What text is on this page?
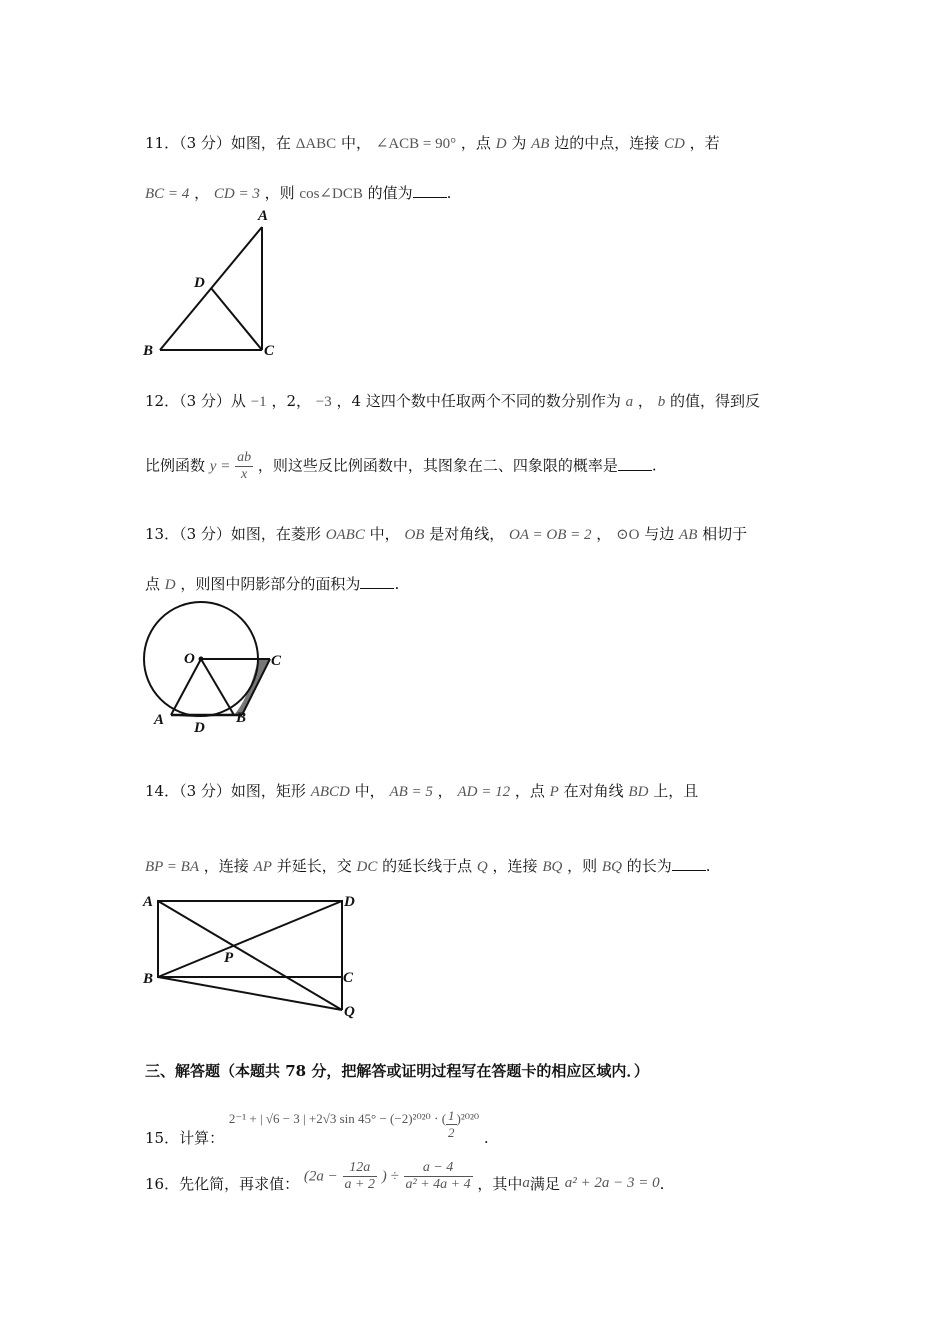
11．（3 分）如图，在 ΔABC 中， ∠ACB = 90° ，点 D 为 AB 边的中点，连接 CD ，若
BC = 4 ， CD = 3 ，则 cos∠DCB 的值为 .
A
B	C
D
12．（3 分）从 −1 ，2， −3 ，4 这四个数中任取两个不同的数分别作为 a ， b 的值，得到反
比例函数 $y = \frac{ab}{x}$ ，则这些反比例函数中，其图象在二、四象限的概率是 .
13．（3 分）如图，在菱形 OABC 中， OB 是对角线， OA = OB = 2 ， ⊙O 与边 AB 相切于
点 D ，则图中阴影部分的面积为 .
O
A D
B
C
14．（3 分）如图，矩形 ABCD 中， AB = 5 ， AD = 12 ，点 P 在对角线 BD 上，且
BP = BA ，连接 AP 并延长，交 DC 的延长线于点 Q ，连接 BQ ，则 BQ 的长为 .
A	D
B	C
P
Q
三、解答题（本题共 78 分，把解答或证明过程写在答题卡的相应区域内．）
15．计算： 2⁻¹ + | √6 − 3 | +2√3 sin 45° − (−2)²⁰²⁰ ⋅ ( $\frac{1}{2} )^{2020}$ .
16．先化简，再求值： ($2a - \frac{12a}{a + 2}$ ) ÷ $\frac{a - 4}{\text{a² + 4a + 4}}$ ，其中a满足 a² + 2a − 3 = 0.
